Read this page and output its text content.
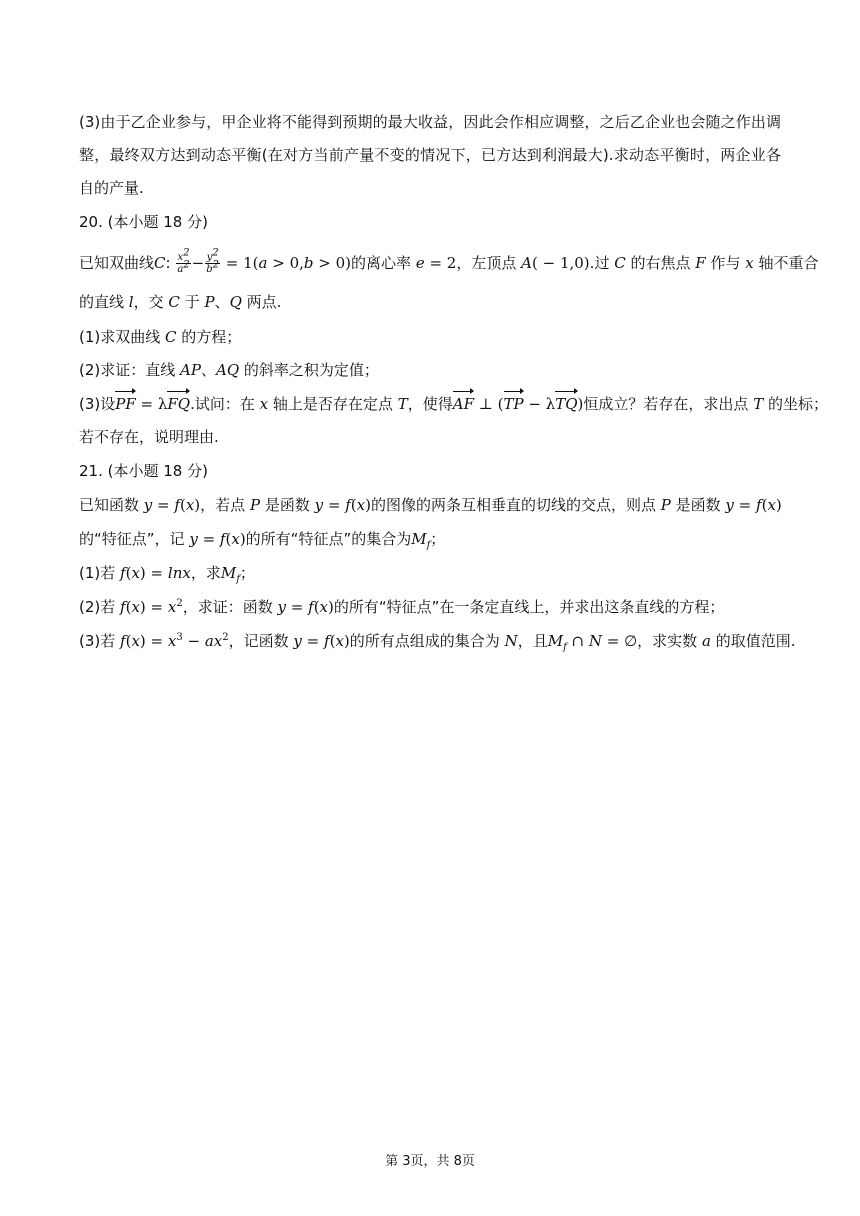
(3)由于乙企业参与，甲企业将不能得到预期的最大收益，因此会作相应调整，之后乙企业也会随之作出调
整，最终双方达到动态平衡(在对方当前产量不变的情况下，已方达到利润最大).求动态平衡时，两企业各
自的产量.
20. (本小题 18 分)
已知双曲线C: $\frac{x^2}{a^2} - \frac{y^2}{b^2} = 1(a > 0,b > 0)$的离心率 e = 2，左顶点 A( − 1,0).过 C 的右焦点 F 作与 x 轴不重合
的直线 l，交 C 于 P、Q 两点.
(1)求双曲线 C 的方程；
(2)求证：直线 AP、AQ 的斜率之积为定值；
(3)设PF = λFQ.试问：在 x 轴上是否存在定点 T，使得AF ⊥ (TP − λTQ)恒成立？若存在，求出点 T 的坐标；
若不存在，说明理由.
21. (本小题 18 分)
已知函数 y = f(x)，若点 P 是函数 y = f(x)的图像的两条互相垂直的切线的交点，则点 P 是函数 y = f(x)
的“特征点”，记 y = f(x)的所有“特征点”的集合为$M_f$；
(1)若 f(x) = lnx，求$M_f$；
(2)若 $f(x) = x^2$，求证：函数 y = f(x)的所有“特征点”在一条定直线上，并求出这条直线的方程；
(3)若 $f(x) = x^3 - ax^2$，记函数 y = f(x)的所有点组成的集合为 N，且$M_f$ ∩ N = ∅，求实数 a 的取值范围.
第 3页，共 8页
